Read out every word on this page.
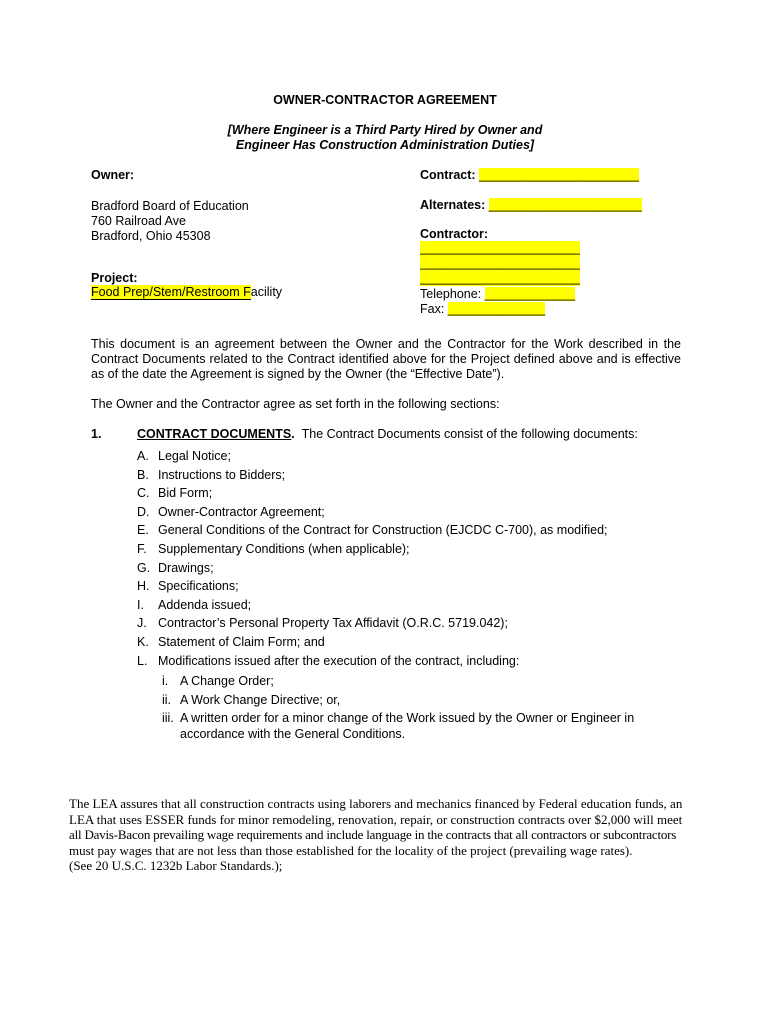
OWNER-CONTRACTOR AGREEMENT
[Where Engineer is a Third Party Hired by Owner and
Engineer Has Construction Administration Duties]
Owner:
Bradford Board of Education
760 Railroad Ave
Bradford, Ohio 45308
Project:
Food Prep/Stem/Restroom Facility
Contract: _______________________
Alternates: ______________________
Contractor:
_______________________
_______________________
_______________________
Telephone: _____________
Fax: ______________
This document is an agreement between the Owner and the Contractor for the Work described in the Contract Documents related to the Contract identified above for the Project defined above and is effective as of the date the Agreement is signed by the Owner (the “Effective Date”).
The Owner and the Contractor agree as set forth in the following sections:
1.	CONTRACT DOCUMENTS. The Contract Documents consist of the following documents:
A. Legal Notice;
B. Instructions to Bidders;
C. Bid Form;
D. Owner-Contractor Agreement;
E. General Conditions of the Contract for Construction (EJCDC C-700), as modified;
F. Supplementary Conditions (when applicable);
G. Drawings;
H. Specifications;
I. Addenda issued;
J. Contractor’s Personal Property Tax Affidavit (O.R.C. 5719.042);
K. Statement of Claim Form; and
L. Modifications issued after the execution of the contract, including:
i. A Change Order;
ii. A Work Change Directive; or,
iii. A written order for a minor change of the Work issued by the Owner or Engineer in
accordance with the General Conditions.
The LEA assures that all construction contracts using laborers and mechanics financed by Federal education funds, an
LEA that uses ESSER funds for minor remodeling, renovation, repair, or construction contracts over $2,000 will meet
all Davis-Bacon prevailing wage requirements and include language in the contracts that all contractors or subcontractors
must pay wages that are not less than those established for the locality of the project (prevailing wage rates).
(See 20 U.S.C. 1232b Labor Standards.);
